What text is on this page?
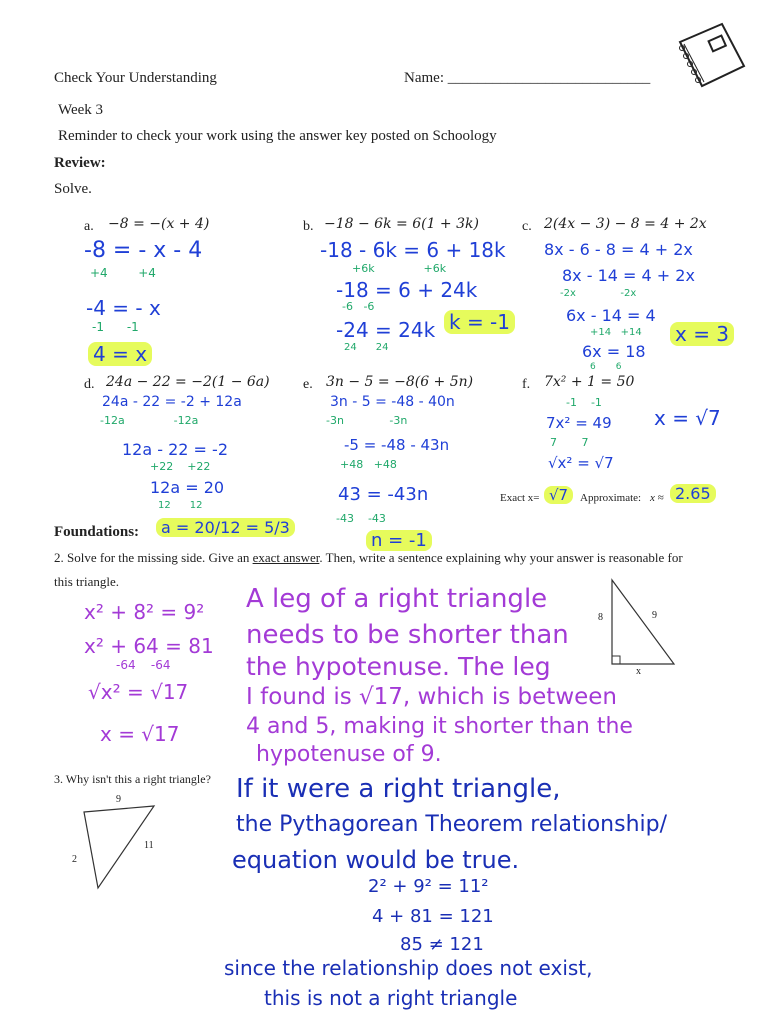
Check Your Understanding	Name: ___________________________
Week 3
Reminder to check your work using the answer key posted on Schoology
Review:
Solve.
a. −8 = −(x + 4)
-8 = - x - 4
+4        +4
-4 = - x
-1      -1
4 = x
b. −18 − 6k = 6(1 + 3k)
-18 - 6k = 6 + 18k
+6k              +6k
-18 = 6 + 24k
-6   -6
-24 = 24k
24      24
k = -1
c. 2(4x − 3) − 8 = 4 + 2x
8x - 6 - 8 = 4 + 2x
8x - 14 = 4 + 2x
-2x              -2x
6x - 14 = 4
+14   +14
6x = 18
6       6
x = 3
d. 24a − 22 = −2(1 − 6a)
24a - 22 = -2 + 12a
-12a              -12a
12a - 22 = -2
+22    +22
12a = 20
12      12
a = 20/12 = 5/3
e. 3n − 5 = −8(6 + 5n)
3n - 5 = -48 - 40n
-3n             -3n
-5 = -48 - 43n
+48   +48
43 = -43n
-43    -43
n = -1
f. 7x² + 1 = 50
-1    -1
7x² = 49
7       7
√x² = √7
x = √7
Exact x= √7	Approximate: x ≈ 2.65
Foundations:
2. Solve for the missing side. Give an exact answer. Then, write a sentence explaining why your answer is reasonable for
this triangle.
x² + 8² = 9²
x² + 64 = 81
-64    -64
√x² = √17
x = √17
A leg of a right triangle
needs to be shorter than
the hypotenuse. The leg
I found is √17, which is between
4 and 5, making it shorter than the
hypotenuse of 9.
8	9
x
3. Why isn't this a right triangle?
9
11
2
If it were a right triangle,
the Pythagorean Theorem relationship/
equation would be true.
2² + 9² = 11²
4 + 81 = 121
85 ≠ 121
since the relationship does not exist,
this is not a right triangle
